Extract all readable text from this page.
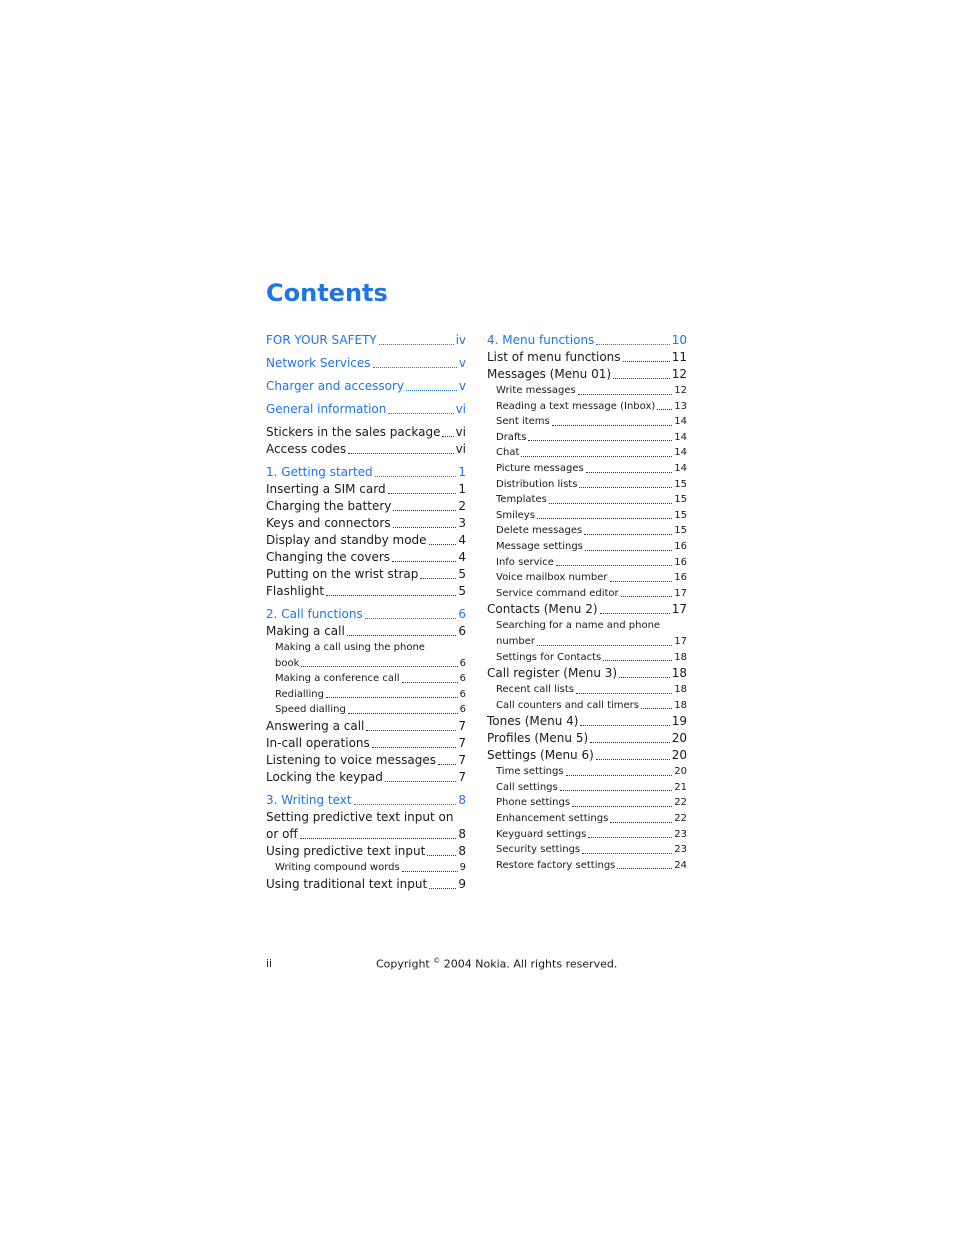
Contents
FOR YOUR SAFETY	iv
Network Services	v
Charger and accessory	v
General information	vi
Stickers in the sales package vi
Access codes	vi
1. Getting started	1
Inserting a SIM card	1
Charging the battery	2
Keys and connectors	3
Display and standby mode	4
Changing the covers	4
Putting on the wrist strap	5
Flashlight	5
2. Call functions	6
Making a call	6
Making a call using the phone
book	6
Making a conference call	6
Redialling	6
Speed dialling	6
Answering a call	7
In-call operations	7
Listening to voice messages 7
Locking the keypad	7
3. Writing text	8
Setting predictive text input on
or off	8
Using predictive text input	8
Writing compound words	9
Using traditional text input	9
4. Menu functions	10
List of menu functions	11
Messages (Menu 01)	12
Write messages	12
Reading a text message (Inbox) 13
Sent items	14
Drafts	14
Chat	14
Picture messages	14
Distribution lists	15
Templates	15
Smileys	15
Delete messages	15
Message settings	16
Info service	16
Voice mailbox number	16
Service command editor	17
Contacts (Menu 2)	17
Searching for a name and phone
number	17
Settings for Contacts	18
Call register (Menu 3)	18
Recent call lists	18
Call counters and call timers	18
Tones (Menu 4)	19
Profiles (Menu 5)	20
Settings (Menu 6)	20
Time settings	20
Call settings	21
Phone settings	22
Enhancement settings	22
Keyguard settings	23
Security settings	23
Restore factory settings	24
ii	Copyright © 2004 Nokia. All rights reserved.
